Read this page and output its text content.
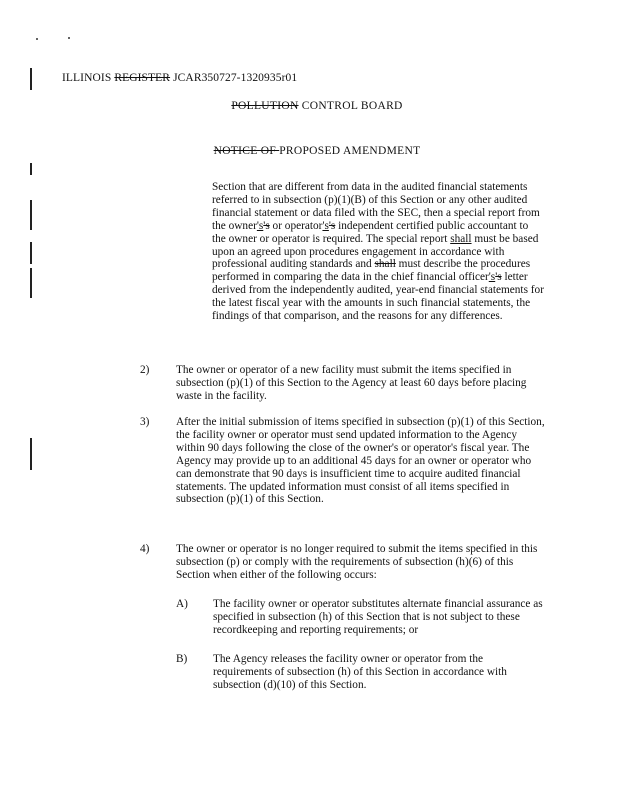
ILLINOIS REGISTER JCAR350727-1320935r01
POLLUTION CONTROL BOARD
NOTICE OF PROPOSED AMENDMENT
Section that are different from data in the audited financial statements referred to in subsection (p)(1)(B) of this Section or any other audited financial statement or data filed with the SEC, then a special report from the owner's's or operator's's independent certified public accountant to the owner or operator is required. The special report shall must be based upon an agreed upon procedures engagement in accordance with professional auditing standards and shall must describe the procedures performed in comparing the data in the chief financial officer's's letter derived from the independently audited, year-end financial statements for the latest fiscal year with the amounts in such financial statements, the findings of that comparison, and the reasons for any differences.
2) The owner or operator of a new facility must submit the items specified in subsection (p)(1) of this Section to the Agency at least 60 days before placing waste in the facility.
3) After the initial submission of items specified in subsection (p)(1) of this Section, the facility owner or operator must send updated information to the Agency within 90 days following the close of the owner's or operator's fiscal year. The Agency may provide up to an additional 45 days for an owner or operator who can demonstrate that 90 days is insufficient time to acquire audited financial statements. The updated information must consist of all items specified in subsection (p)(1) of this Section.
4) The owner or operator is no longer required to submit the items specified in this subsection (p) or comply with the requirements of subsection (h)(6) of this Section when either of the following occurs:
A) The facility owner or operator substitutes alternate financial assurance as specified in subsection (h) of this Section that is not subject to these recordkeeping and reporting requirements; or
B) The Agency releases the facility owner or operator from the requirements of subsection (h) of this Section in accordance with subsection (d)(10) of this Section.
